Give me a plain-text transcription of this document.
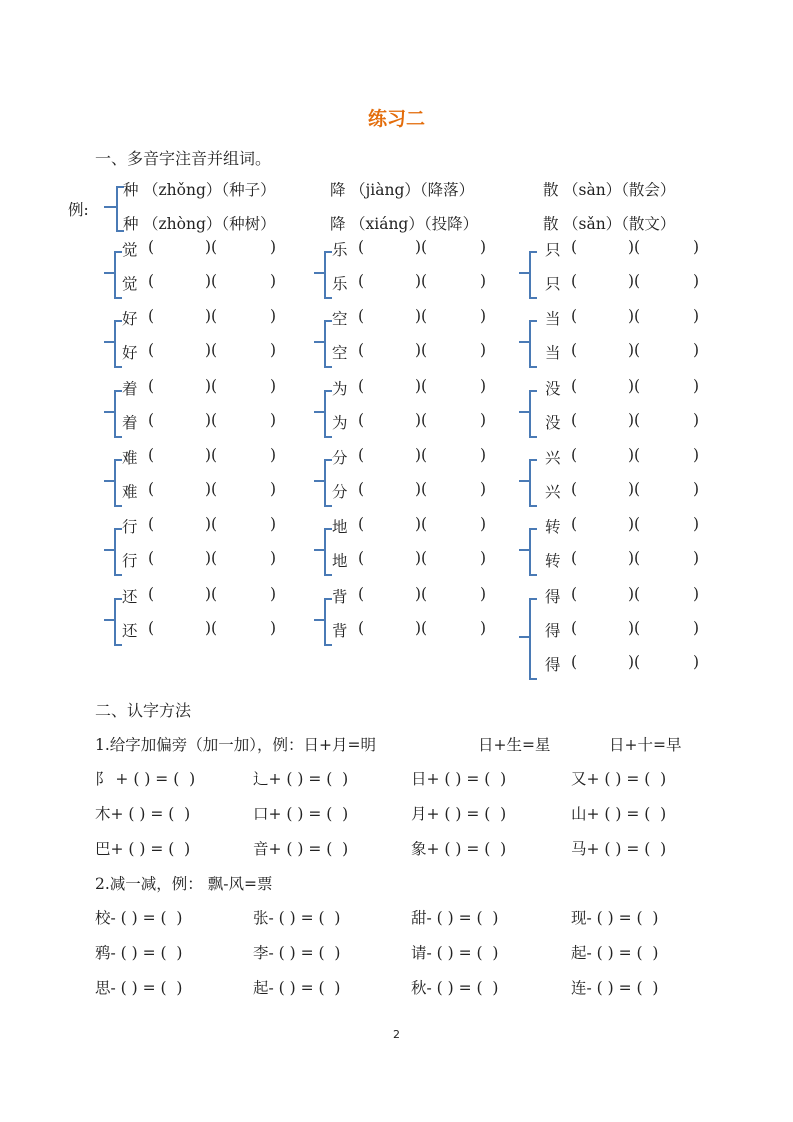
练习二
一、多音字注音并组词。
例:
种 （zhǒng）（种子）
种 （zhòng）（种树）
降 （jiàng）（降落）
降 （xiáng）（投降）
散 （sàn）（散会）
散 （sǎn）（散文）
觉 (	)(	)
觉 (	)(	)
乐 (	)(	)
乐 (	)(	)
只 (	)(	)
只 (	)(	)
好 (	)(	)
好 (	)(	)
空 (	)(	)
空 (	)(	)
当 (	)(	)
当 (	)(	)
着 (	)(	)
着 (	)(	)
为 (	)(	)
为 (	)(	)
没 (	)(	)
没 (	)(	)
难 (	)(	)
难 (	)(	)
分 (	)(	)
分 (	)(	)
兴 (	)(	)
兴 (	)(	)
行 (	)(	)
行 (	)(	)
地 (	)(	)
地 (	)(	)
转 (	)(	)
转 (	)(	)
还 (	)(	)
还 (	)(	)
背 (	)(	)
背 (	)(	)
得 (	)(	)
得 (	)(	)
得 (	)(	)
二、认字方法
1.给字加偏旁（加一加），例：日+月=明	日+生=星	日+十=早
阝 + ( ) = (  )	辶+ ( ) = (  )	日+ ( ) = (  )	又+ ( ) = (  )
木+ ( ) = (  )	口+ ( ) = (  )	月+ ( ) = (  )	山+ ( ) = (  )
巴+ ( ) = (  )	音+ ( ) = (  )	象+ ( ) = (  )	马+ ( ) = (  )
2.减一减，例： 飘-风=票
校- ( ) = (  )	张- ( ) = (  )	甜- ( ) = (  )	现- ( ) = (  )
鸦- ( ) = (  )	李- ( ) = (  )	请- ( ) = (  )	起- ( ) = (  )
思- ( ) = (  )	起- ( ) = (  )	秋- ( ) = (  )	连- ( ) = (  )
2
